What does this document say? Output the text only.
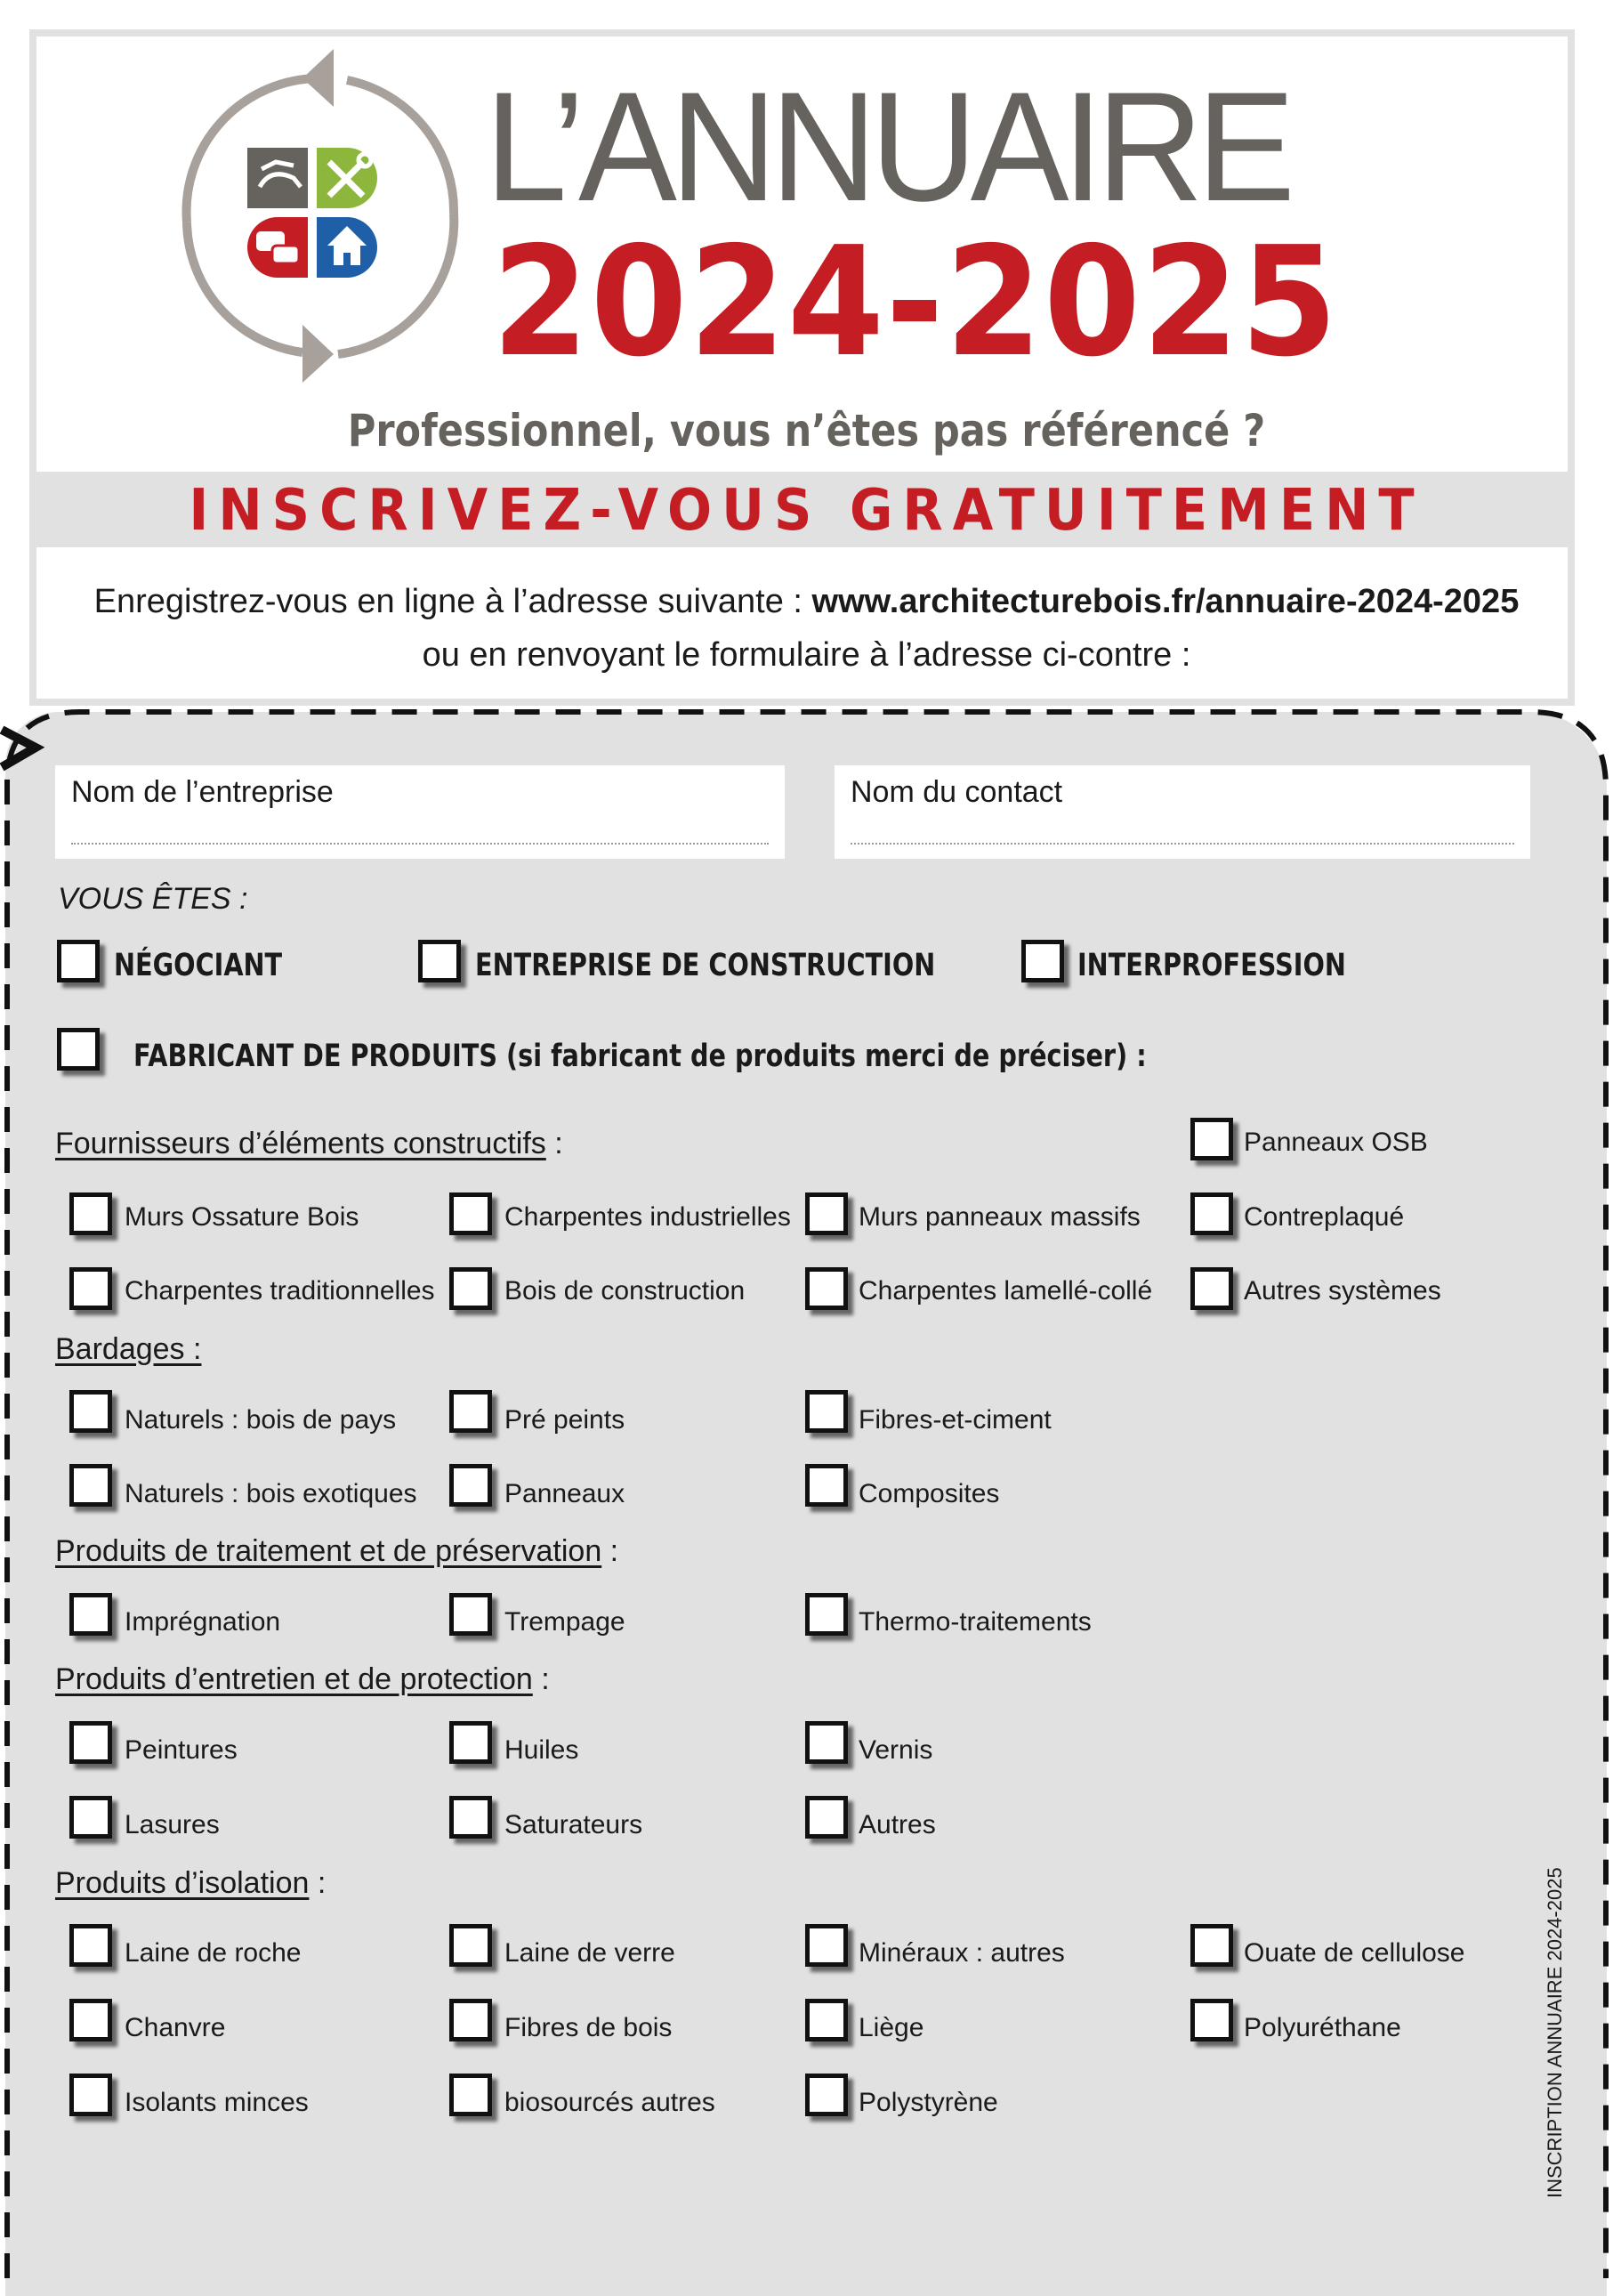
L’ANNUAIRE
2024-2025
Professionnel, vous n’êtes pas référencé ?
INSCRIVEZ-VOUS GRATUITEMENT
Enregistrez-vous en ligne à l’adresse suivante : www.architecturebois.fr/annuaire-2024-2025
ou en renvoyant le formulaire à l’adresse ci-contre :
Nom de l’entreprise	Nom du contact
VOUS ÊTES :
NÉGOCIANT	ENTREPRISE DE CONSTRUCTION	INTERPROFESSION
FABRICANT DE PRODUITS (si fabricant de produits merci de préciser) :
Fournisseurs d’éléments constructifs :	Panneaux OSB
Murs Ossature Bois	Charpentes industrielles	Murs panneaux massifs	Contreplaqué
Charpentes traditionnelles	Bois de construction	Charpentes lamellé-collé	Autres systèmes
Bardages :
Naturels : bois de pays	Pré peints	Fibres-et-ciment
Naturels : bois exotiques	Panneaux	Composites
Produits de traitement et de préservation :
Imprégnation	Trempage	Thermo-traitements
Produits d’entretien et de protection :
Peintures	Huiles	Vernis
Lasures	Saturateurs	Autres
Produits d’isolation :
Laine de roche	Laine de verre	Minéraux : autres	Ouate de cellulose
Chanvre	Fibres de bois	Liège	Polyuréthane
Isolants minces	biosourcés autres	Polystyrène	INSCRIPTION ANNUAIRE 2024-2025
